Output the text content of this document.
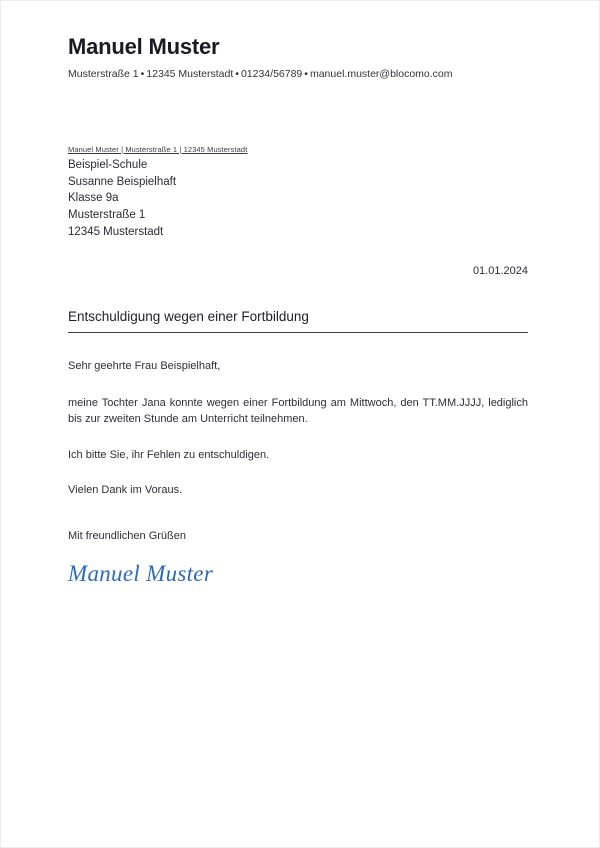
Manuel Muster

Musterstraße 1 • 12345 Musterstadt • 01234/56789 • manuel.muster@blocomo.com

Manuel Muster | Musterstraße 1 | 12345 Musterstadt

Beispiel-Schule

Susanne Beispielhaft

Klasse 9a

Musterstraße 1

12345 Musterstadt

01.01.2024

Entschuldigung wegen einer Fortbildung

Sehr geehrte Frau Beispielhaft,

meine Tochter Jana konnte wegen einer Fortbildung am Mittwoch, den TT.MM.JJJJ, lediglich bis zur zweiten Stunde am Unterricht teilnehmen.

Ich bitte Sie, ihr Fehlen zu entschuldigen.

Vielen Dank im Voraus.

Mit freundlichen Grüßen

Manuel Muster
